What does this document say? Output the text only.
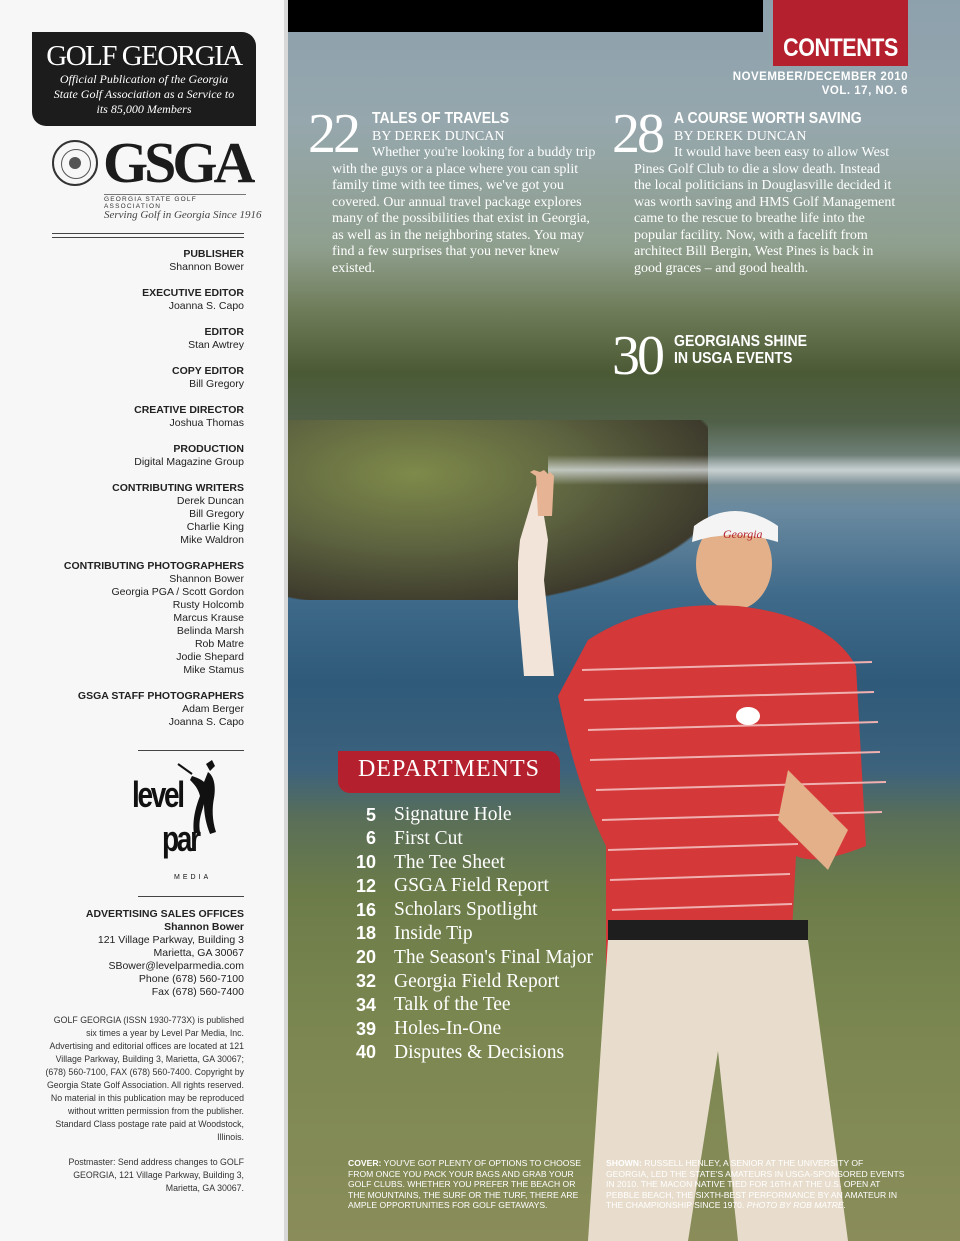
GOLF GEORGIA
Official Publication of the Georgia State Golf Association as a Service to its 85,000 Members
GSGA
GEORGIA STATE GOLF ASSOCIATION
Serving Golf in Georgia Since 1916
PUBLISHER
Shannon Bower
EXECUTIVE EDITOR
Joanna S. Capo
EDITOR
Stan Awtrey
COPY EDITOR
Bill Gregory
CREATIVE DIRECTOR
Joshua Thomas
PRODUCTION
Digital Magazine Group
CONTRIBUTING WRITERS
Derek Duncan
Bill Gregory
Charlie King
Mike Waldron
CONTRIBUTING PHOTOGRAPHERS
Shannon Bower
Georgia PGA / Scott Gordon
Rusty Holcomb
Marcus Krause
Belinda Marsh
Rob Matre
Jodie Shepard
Mike Stamus
GSGA STAFF PHOTOGRAPHERS
Adam Berger
Joanna S. Capo
level
par
MEDIA
ADVERTISING SALES OFFICES
Shannon Bower
121 Village Parkway, Building 3
Marietta, GA 30067
SBower@levelparmedia.com
Phone (678) 560-7100
Fax (678) 560-7400
GOLF GEORGIA (ISSN 1930-773X) is published six times a year by Level Par Media, Inc. Advertising and editorial offices are located at 121 Village Parkway, Building 3, Marietta, GA 30067; (678) 560-7100, FAX (678) 560-7400. Copyright by Georgia State Golf Association. All rights reserved. No material in this publication may be reproduced without written permission from the publisher. Standard Class postage rate paid at Woodstock, Illinois.
Postmaster: Send address changes to GOLF GEORGIA, 121 Village Parkway, Building 3, Marietta, GA 30067.
Georgia
CONTENTS
NOVEMBER/DECEMBER 2010
VOL. 17, NO. 6
22 TALES OF TRAVELS
BY DEREK DUNCAN
Whether you're looking for a buddy trip with the guys or a place where you can split family time with tee times, we've got you covered. Our annual travel package explores many of the possibilities that exist in Georgia, as well as in the neighboring states. You may find a few surprises that you never knew existed.
28 A COURSE WORTH SAVING
BY DEREK DUNCAN
It would have been easy to allow West Pines Golf Club to die a slow death. Instead the local politicians in Douglasville decided it was worth saving and HMS Golf Management came to the rescue to breathe life into the popular facility. Now, with a facelift from architect Bill Bergin, West Pines is back in good graces – and good health.
30 GEORGIANS SHINE IN USGA EVENTS
DEPARTMENTS
5 Signature Hole
6 First Cut
10 The Tee Sheet
12 GSGA Field Report
16 Scholars Spotlight
18 Inside Tip
20 The Season's Final Major
32 Georgia Field Report
34 Talk of the Tee
39 Holes-In-One
40 Disputes & Decisions
COVER: YOU'VE GOT PLENTY OF OPTIONS TO CHOOSE FROM ONCE YOU PACK YOUR BAGS AND GRAB YOUR GOLF CLUBS. WHETHER YOU PREFER THE BEACH OR THE MOUNTAINS, THE SURF OR THE TURF, THERE ARE AMPLE OPPORTUNITIES FOR GOLF GETAWAYS.
SHOWN: RUSSELL HENLEY, A SENIOR AT THE UNIVERSITY OF GEORGIA, LED THE STATE'S AMATEURS IN USGA-SPONSORED EVENTS IN 2010. THE MACON NATIVE TIED FOR 16TH AT THE U.S. OPEN AT PEBBLE BEACH, THE SIXTH-BEST PERFORMANCE BY AN AMATEUR IN THE CHAMPIONSHIP SINCE 1970. PHOTO BY ROB MATRE.
